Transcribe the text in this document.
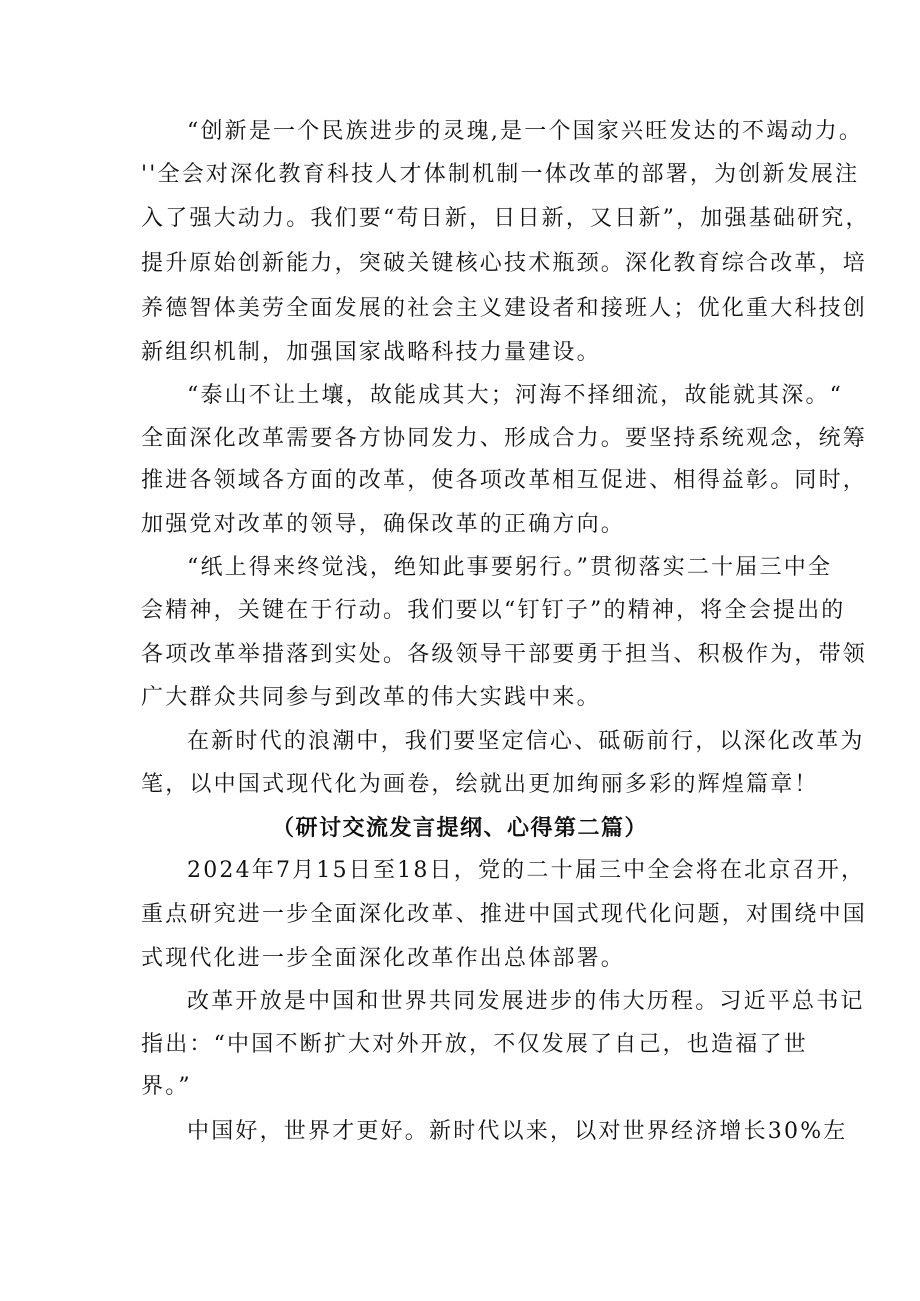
“创新是一个民族进步的灵瑰,是一个国家兴旺发达的不竭动力。
''全会对深化教育科技人才体制机制一体改革的部署，为创新发展注
入了强大动力。我们要“苟日新，日日新，又日新”，加强基础研究，
提升原始创新能力，突破关键核心技术瓶颈。深化教育综合改革，培
养德智体美劳全面发展的社会主义建设者和接班人；优化重大科技创
新组织机制，加强国家战略科技力量建设。
“泰山不让土壤，故能成其大；河海不择细流，故能就其深。“
全面深化改革需要各方协同发力、形成合力。要坚持系统观念，统筹
推进各领域各方面的改革，使各项改革相互促进、相得益彰。同时，
加强党对改革的领导，确保改革的正确方向。
“纸上得来终觉浅，绝知此事要躬行。”贯彻落实二十届三中全
会精神，关键在于行动。我们要以“钉钉子”的精神，将全会提出的
各项改革举措落到实处。各级领导干部要勇于担当、积极作为，带领
广大群众共同参与到改革的伟大实践中来。
在新时代的浪潮中，我们要坚定信心、砥砺前行，以深化改革为
笔，以中国式现代化为画卷，绘就出更加绚丽多彩的辉煌篇章！
（研讨交流发言提纲、心得第二篇）
2024年7月15日至18日，党的二十届三中全会将在北京召开，
重点研究进一步全面深化改革、推进中国式现代化问题，对围绕中国
式现代化进一步全面深化改革作出总体部署。
改革开放是中国和世界共同发展进步的伟大历程。习近平总书记
指出：“中国不断扩大对外开放，不仅发展了自己，也造福了世
界。”
中国好，世界才更好。新时代以来，以对世界经济增长30%左
